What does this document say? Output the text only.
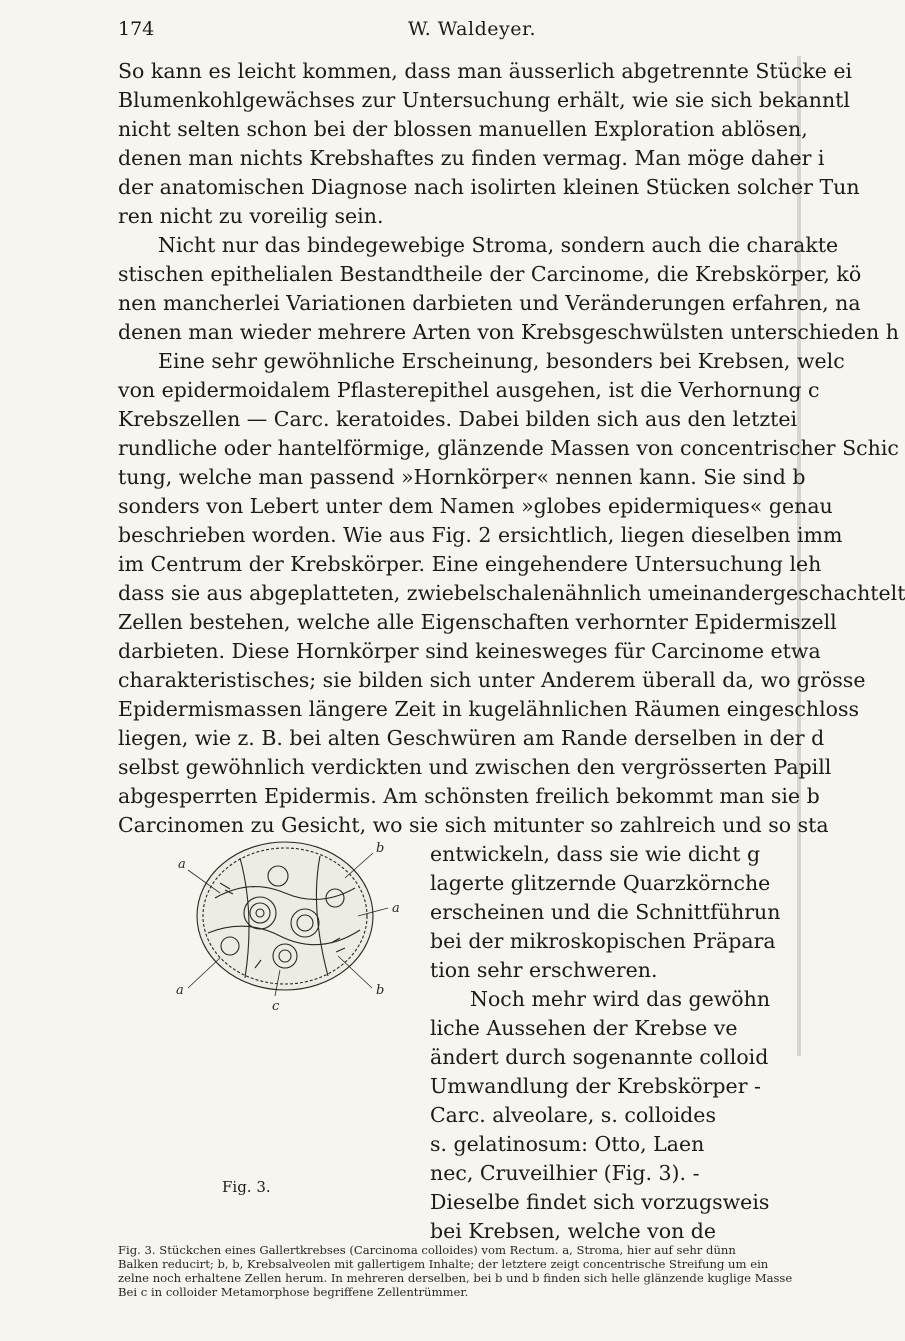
174	W. Waldeyer.
So kann es leicht kommen, dass man äusserlich abgetrennte Stücke ei
Blumenkohlgewächses zur Untersuchung erhält, wie sie sich bekanntl
nicht selten schon bei der blossen manuellen Exploration ablösen,
denen man nichts Krebshaftes zu finden vermag. Man möge daher i
der anatomischen Diagnose nach isolirten kleinen Stücken solcher Tun
ren nicht zu voreilig sein.
Nicht nur das bindegewebige Stroma, sondern auch die charakte
stischen epithelialen Bestandtheile der Carcinome, die Krebskörper, kö
nen mancherlei Variationen darbieten und Veränderungen erfahren, na
denen man wieder mehrere Arten von Krebsgeschwülsten unterschieden h
Eine sehr gewöhnliche Erscheinung, besonders bei Krebsen, welc
von epidermoidalem Pflasterepithel ausgehen, ist die Verhornung c
Krebszellen — Carc. keratoides. Dabei bilden sich aus den letztei
rundliche oder hantelförmige, glänzende Massen von concentrischer Schic
tung, welche man passend »Hornkörper« nennen kann. Sie sind b
sonders von Lebert unter dem Namen »globes epidermiques« genau
beschrieben worden. Wie aus Fig. 2 ersichtlich, liegen dieselben imm
im Centrum der Krebskörper. Eine eingehendere Untersuchung leh
dass sie aus abgeplatteten, zwiebelschalenähnlich umeinandergeschachtelt
Zellen bestehen, welche alle Eigenschaften verhornter Epidermiszell
darbieten. Diese Hornkörper sind keinesweges für Carcinome etwa
charakteristisches; sie bilden sich unter Anderem überall da, wo grösse
Epidermismassen längere Zeit in kugelähnlichen Räumen eingeschloss
liegen, wie z. B. bei alten Geschwüren am Rande derselben in der d
selbst gewöhnlich verdickten und zwischen den vergrösserten Papill
abgesperrten Epidermis. Am schönsten freilich bekommt man sie b
Carcinomen zu Gesicht, wo sie sich mitunter so zahlreich und so sta
entwickeln, dass sie wie dicht g
lagerte glitzernde Quarzkörnche
erscheinen und die Schnittführun
bei der mikroskopischen Präpara
tion sehr erschweren.
Noch mehr wird das gewöhn
liche Aussehen der Krebse ve
ändert durch sogenannte colloid
Umwandlung der Krebskörper -
Carc. alveolare, s. colloides
s. gelatinosum: Otto, Laen
nec, Cruveilhier (Fig. 3). -
Dieselbe findet sich vorzugsweis
bei Krebsen, welche von de
a
b
a
a	b
c
Fig. 3.
Fig. 3. Stückchen eines Gallertkrebses (Carcinoma colloides) vom Rectum. a, Stroma, hier auf sehr dünn
Balken reducirt; b, b, Krebsalveolen mit gallertigem Inhalte; der letztere zeigt concentrische Streifung um ein
zelne noch erhaltene Zellen herum. In mehreren derselben, bei b und b finden sich helle glänzende kuglige Masse
Bei c in colloider Metamorphose begriffene Zellentrümmer.
